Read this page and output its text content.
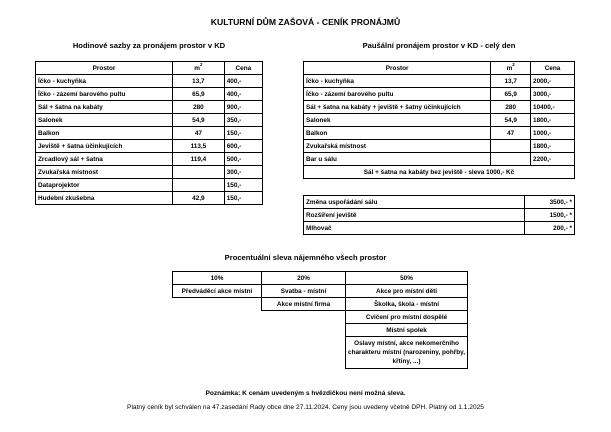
KULTURNÍ DŮM ZAŠOVÁ - CENÍK PRONÁJMŮ
Hodinové sazby za pronájem prostor v KD
Prostor	$m^2$	Cena
Íčko - kuchyňka	13,7	400,-
Íčko - zázemí barového pultu	65,9	400,-
Sál + šatna na kabáty	280	900,-
Salonek	54,9	350,-
Balkon	47	150,-
Jeviště + šatna účinkujících	113,5	600,-
Zrcadlový sál + šatna	119,4	500,-
Zvukařská místnost		300,-
Dataprojektor		150,-
Hudební zkušebna	42,9	150,-
Paušální pronájem prostor v KD - celý den
Prostor	$m^2$	Cena
Íčko - kuchyňka	13,7	2000,-
Íčko - zázemí barového pultu	65,9	3000,-
Sál + šatna na kabáty + jeviště + šatny účinkujících	280	10400,-
Salonek	54,9	1800,-
Balkon	47	1000,-
Zvukařská místnost		1800,-
Bar u sálu		2200,-
Sál + šatna na kabáty bez jeviště - sleva 1000,- Kč		
Změna uspořádání sálu	3500,- *
Rozšíření jeviště	1500,- *
Mlhovač	200,- *
Procentuální sleva nájemného všech prostor
10%	20%	50%
Předváděcí akce místní	Svatba - místní	Akce pro místní děti
	Akce místní firma	Školka, škola - místní
		Cvičení pro místní dospělé
		Místní spolek
		Oslavy místní, akce nekomerčního
charakteru místní (narozeniny, pohřby,
křtiny, ...)
Poznámka: K cenám uvedeným s hvězdičkou není možná sleva.
Platný ceník byl schválen na 47.zasedání Rady obce dne 27.11.2024. Ceny jsou uvedeny včetně DPH. Platný od 1.1.2025
